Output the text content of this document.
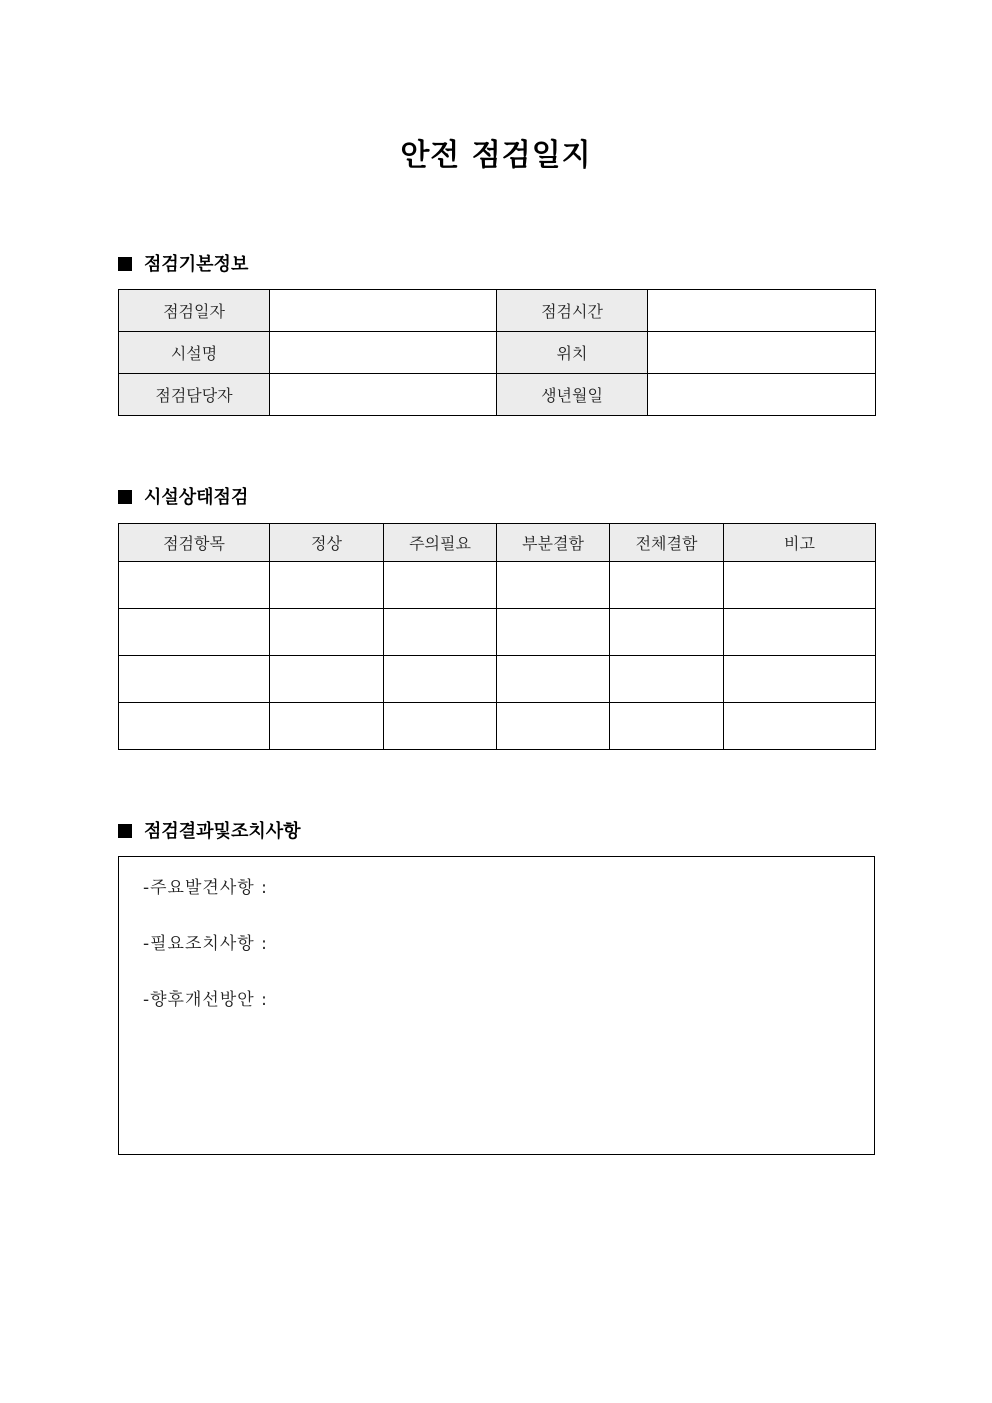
안전 점검일지
점검기본정보
점검일자		점검시간	
시설명		위치	
점검담당자		생년월일	
시설상태점검
점검항목	정상	주의필요	부분결함	전체결함	비고

점검결과및조치사항
-주요발견사항 :
-필요조치사항 :
-향후개선방안 :
